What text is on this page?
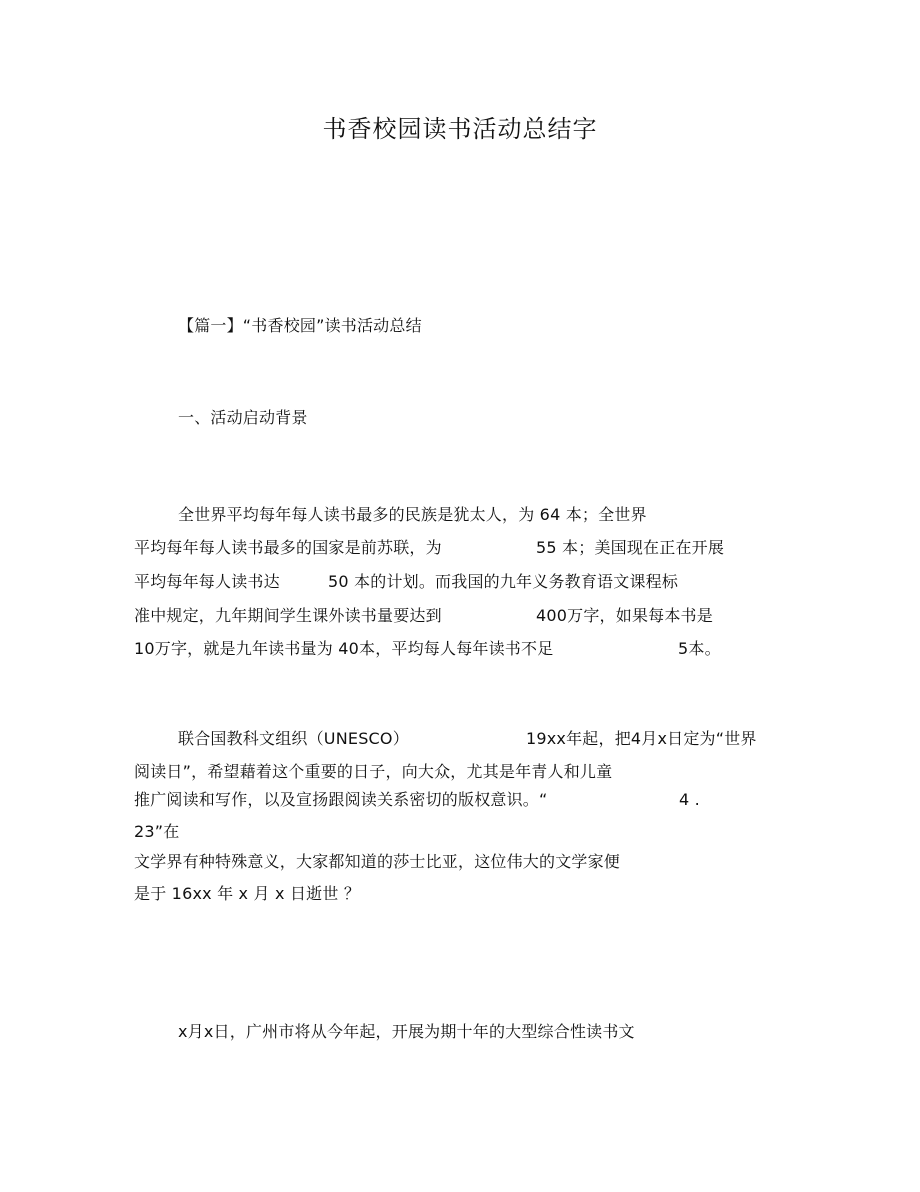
书香校园读书活动总结字
【篇一】“书香校园”读书活动总结
一、活动启动背景
全世界平均每年每人读书最多的民族是犹太人，为 64 本；全世界
平均每年每人读书最多的国家是前苏联，为	55 本；美国现在正在开展
平均每年每人读书达	50 本的计划。而我国的九年义务教育语文课程标
准中规定，九年期间学生课外读书量要达到	400万字，如果每本书是
10万字，就是九年读书量为 40本，平均每人每年读书不足	5本。
联合国教科文组织（UNESCO）	19xx年起，把4月x日定为“世界
阅读日”，希望藉着这个重要的日子，向大众，尤其是年青人和儿童
推广阅读和写作，以及宣扬跟阅读关系密切的版权意识。“	4 .
23”在
文学界有种特殊意义，大家都知道的莎士比亚，这位伟大的文学家便
是于 16xx 年 x 月 x 日逝世 ？
x月x日，广州市将从今年起，开展为期十年的大型综合性读书文
